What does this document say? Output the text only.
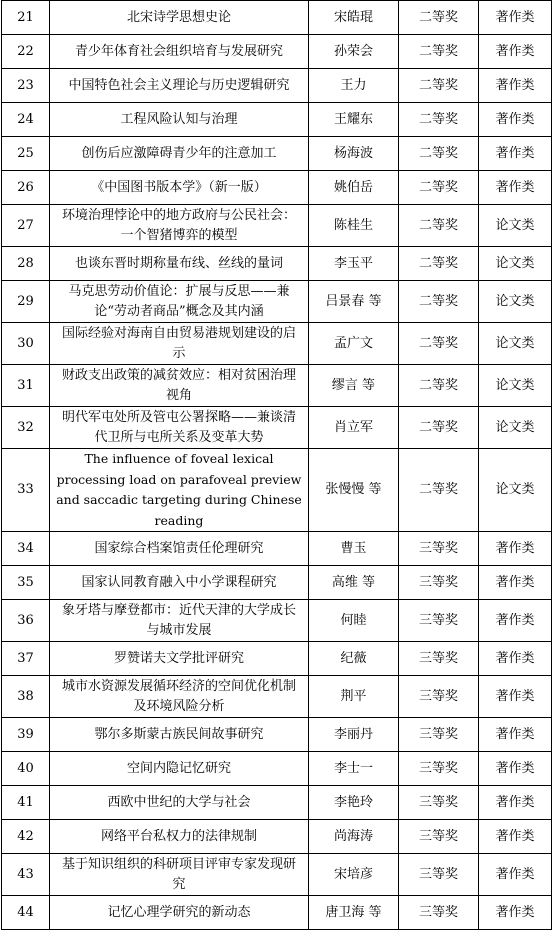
21	北宋诗学思想史论	宋皓琨	二等奖	著作类
22	青少年体育社会组织培育与发展研究	孙荣会	二等奖	著作类
23	中国特色社会主义理论与历史逻辑研究	王力	二等奖	著作类
24	工程风险认知与治理	王耀东	二等奖	著作类
25	创伤后应激障碍青少年的注意加工	杨海波	二等奖	著作类
26	《中国图书版本学》（新一版）	姚伯岳	二等奖	著作类
27	环境治理悖论中的地方政府与公民社会：一个智猪博弈的模型	陈桂生	二等奖	论文类
28	也谈东晋时期称量布线、丝线的量词	李玉平	二等奖	论文类
29	马克思劳动价值论：扩展与反思——兼论“劳动者商品”概念及其内涵	吕景春 等	二等奖	论文类
30	国际经验对海南自由贸易港规划建设的启示	孟广文	二等奖	论文类
31	财政支出政策的减贫效应：相对贫困治理视角	缪言 等	二等奖	论文类
32	明代军屯处所及管屯公署探略——兼谈清代卫所与屯所关系及变革大势	肖立军	二等奖	论文类
33	The influence of foveal lexical processing load on parafoveal preview and saccadic targeting during Chinese reading	张慢慢 等	二等奖	论文类
34	国家综合档案馆责任伦理研究	曹玉	三等奖	著作类
35	国家认同教育融入中小学课程研究	高维 等	三等奖	著作类
36	象牙塔与摩登都市：近代天津的大学成长与城市发展	何睦	三等奖	著作类
37	罗赞诺夫文学批评研究	纪薇	三等奖	著作类
38	城市水资源发展循环经济的空间优化机制及环境风险分析	荆平	三等奖	著作类
39	鄂尔多斯蒙古族民间故事研究	李丽丹	三等奖	著作类
40	空间内隐记忆研究	李士一	三等奖	著作类
41	西欧中世纪的大学与社会	李艳玲	三等奖	著作类
42	网络平台私权力的法律规制	尚海涛	三等奖	著作类
43	基于知识组织的科研项目评审专家发现研究	宋培彦	三等奖	著作类
44	记忆心理学研究的新动态	唐卫海 等	三等奖	著作类
